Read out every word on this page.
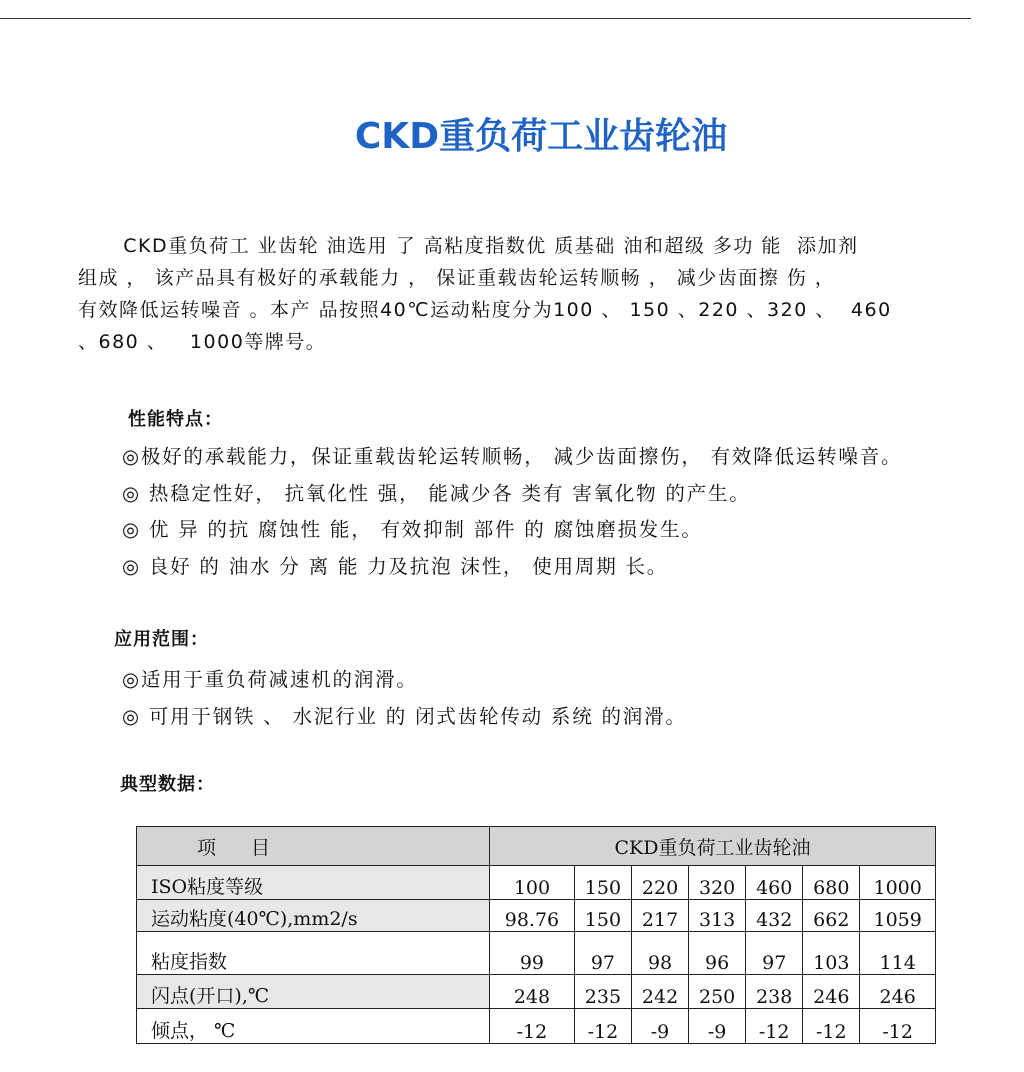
CKD重负荷工业齿轮油

CKD重负荷工 业齿轮 油选用 了 高粘度指数优 质基础 油和超级 多功 能  添加剂

组成 ， 该产品具有极好的承载能力 ， 保证重载齿轮运转顺畅 ， 减少齿面擦 伤 ，

有效降低运转噪音 。本产 品按照40℃运动粘度分为100 、 150 、220 、320 、  460

、680 、   1000等牌号。

性能特点：
◎极好的承载能力，保证重载齿轮运转顺畅， 减少齿面擦伤， 有效降低运转噪音。
◎ 热稳定性好， 抗氧化性 强， 能减少各 类有 害氧化物 的产生。
◎ 优 异 的抗 腐蚀性 能， 有效抑制 部件 的 腐蚀磨损发生。
◎ 良好 的 油水 分 离 能 力及抗泡 沫性， 使用周期 长。
应用范围：
◎适用于重负荷减速机的润滑。
◎ 可用于钢铁 、 水泥行业 的 闭式齿轮传动 系统 的润滑。
典型数据：
项　目	CKD重负荷工业齿轮油						
ISO粘度等级	100	150	220	320	460	680	1000
运动粘度(40℃),mm2/s	98.76	150	217	313	432	662	1059
粘度指数	99	97	98	96	97	103	114
闪点(开口),℃	248	235	242	250	238	246	246
倾点， ℃	-12	-12	-9	-9	-12	-12	-12
